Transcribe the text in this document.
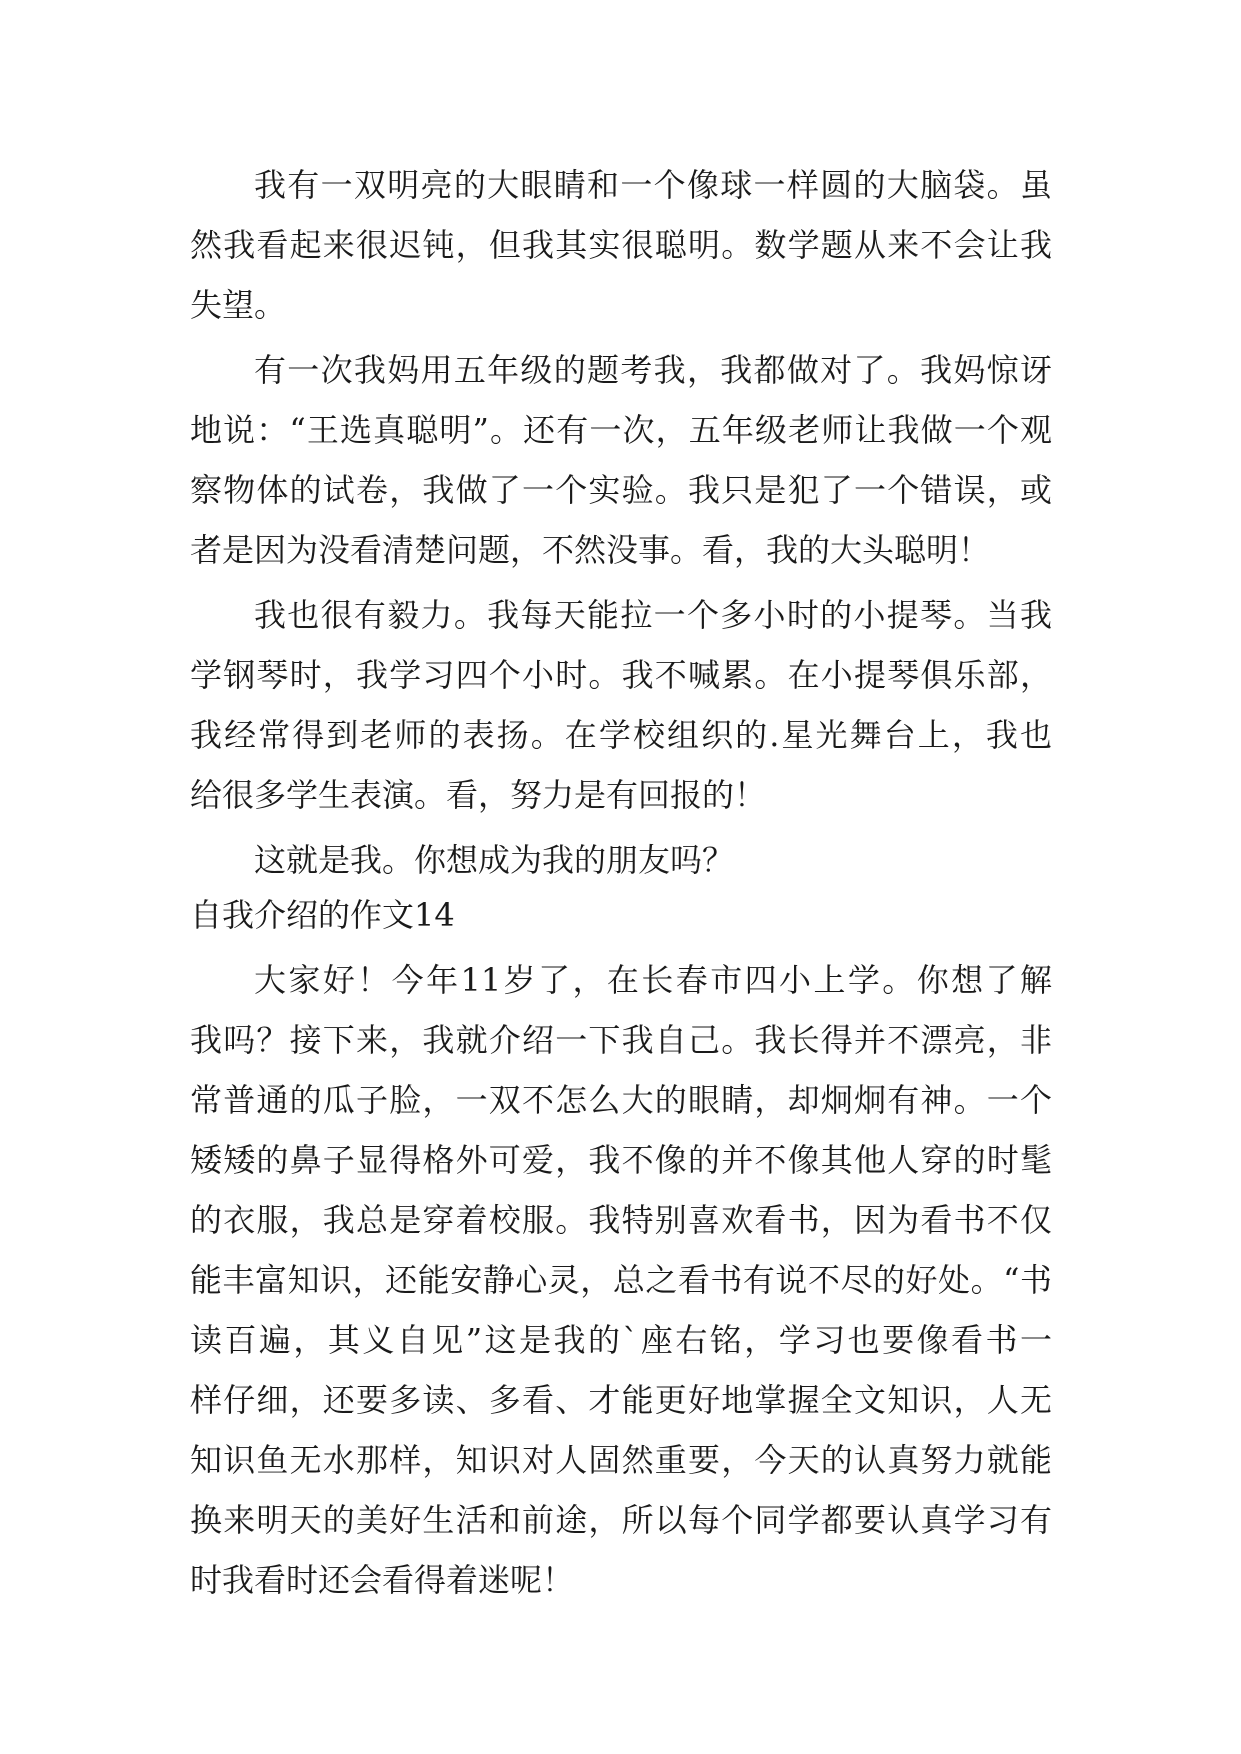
我有一双明亮的大眼睛和一个像球一样圆的大脑袋。虽
然我看起来很迟钝，但我其实很聪明。数学题从来不会让我
失望。
有一次我妈用五年级的题考我，我都做对了。我妈惊讶
地说：“王选真聪明”。还有一次，五年级老师让我做一个观
察物体的试卷，我做了一个实验。我只是犯了一个错误，或
者是因为没看清楚问题，不然没事。看，我的大头聪明！
我也很有毅力。我每天能拉一个多小时的小提琴。当我
学钢琴时，我学习四个小时。我不喊累。在小提琴俱乐部，
我经常得到老师的表扬。在学校组织的.星光舞台上，我也
给很多学生表演。看，努力是有回报的！
这就是我。你想成为我的朋友吗？
自我介绍的作文14
大家好！今年11岁了，在长春市四小上学。你想了解
我吗？接下来，我就介绍一下我自己。我长得并不漂亮，非
常普通的瓜子脸，一双不怎么大的眼睛，却炯炯有神。一个
矮矮的鼻子显得格外可爱，我不像的并不像其他人穿的时髦
的衣服，我总是穿着校服。我特别喜欢看书，因为看书不仅
能丰富知识，还能安静心灵，总之看书有说不尽的好处。“书
读百遍，其义自见”这是我的`座右铭，学习也要像看书一
样仔细，还要多读、多看、才能更好地掌握全文知识，人无
知识鱼无水那样，知识对人固然重要，今天的认真努力就能
换来明天的美好生活和前途，所以每个同学都要认真学习有
时我看时还会看得着迷呢！
